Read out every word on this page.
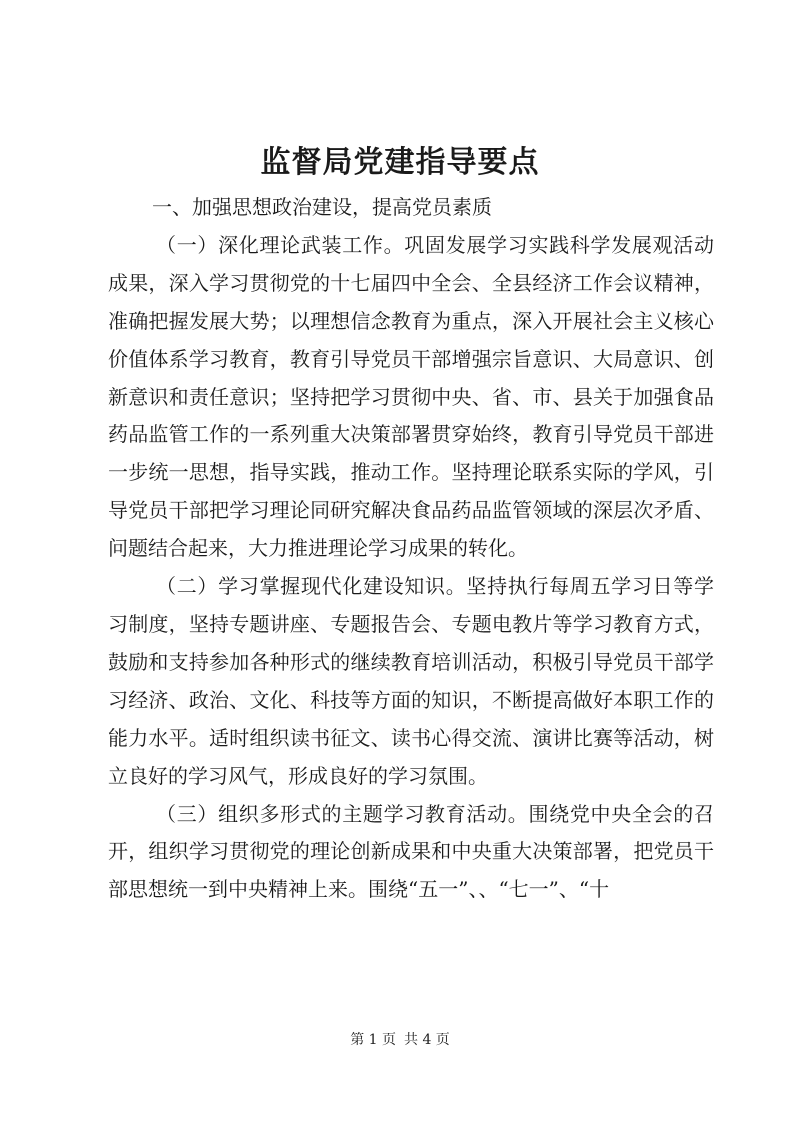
监督局党建指导要点

一、加强思想政治建设，提高党员素质

（一）深化理论武装工作。巩固发展学习实践科学发展观活动成果，深入学习贯彻党的十七届四中全会、全县经济工作会议精神，准确把握发展大势；以理想信念教育为重点，深入开展社会主义核心价值体系学习教育，教育引导党员干部增强宗旨意识、大局意识、创新意识和责任意识；坚持把学习贯彻中央、省、市、县关于加强食品药品监管工作的一系列重大决策部署贯穿始终，教育引导党员干部进一步统一思想，指导实践，推动工作。坚持理论联系实际的学风，引导党员干部把学习理论同研究解决食品药品监管领域的深层次矛盾、问题结合起来，大力推进理论学习成果的转化。

（二）学习掌握现代化建设知识。坚持执行每周五学习日等学习制度，坚持专题讲座、专题报告会、专题电教片等学习教育方式，鼓励和支持参加各种形式的继续教育培训活动，积极引导党员干部学习经济、政治、文化、科技等方面的知识，不断提高做好本职工作的能力水平。适时组织读书征文、读书心得交流、演讲比赛等活动，树立良好的学习风气，形成良好的学习氛围。

（三）组织多形式的主题学习教育活动。围绕党中央全会的召开，组织学习贯彻党的理论创新成果和中央重大决策部署，把党员干部思想统一到中央精神上来。围绕“五一”、、“七一”、“十

第 1 页 共 4 页
